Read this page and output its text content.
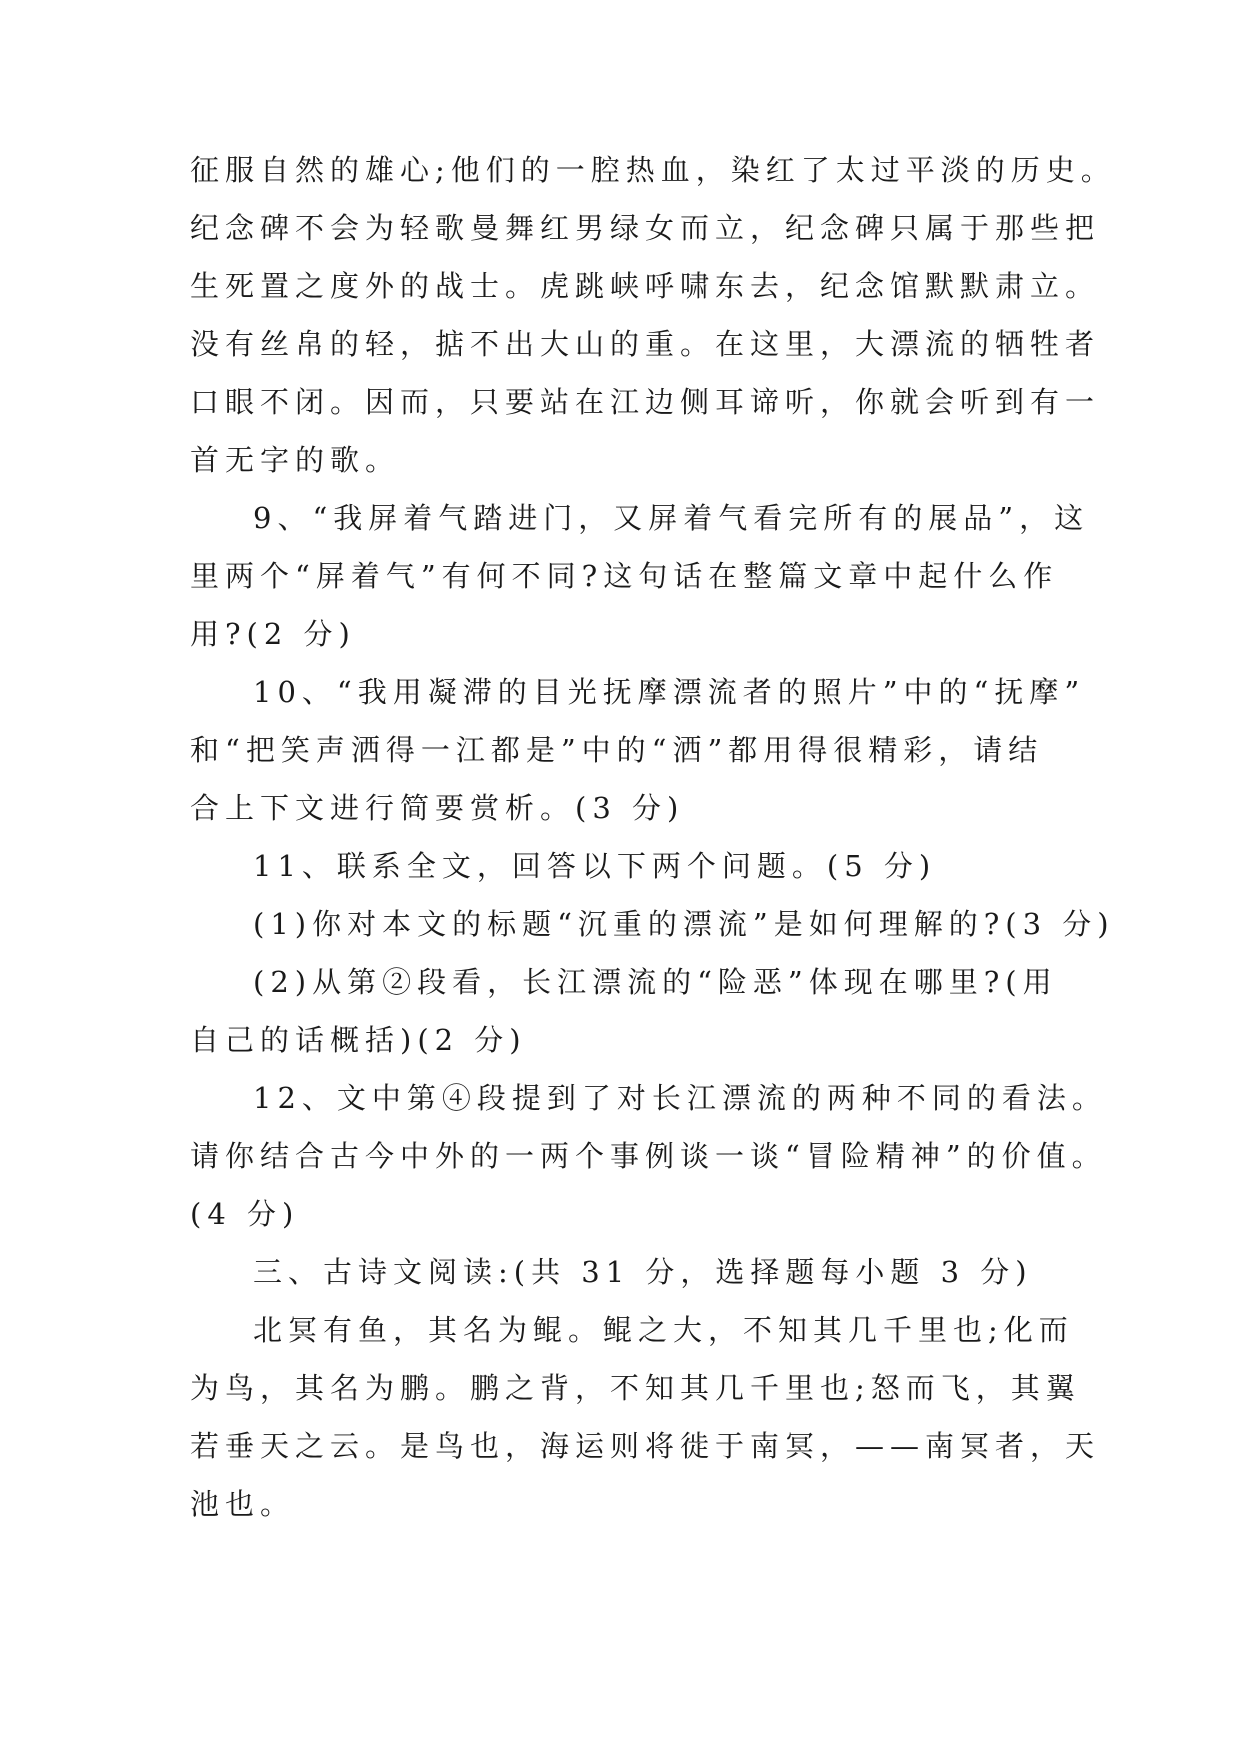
征服自然的雄心;他们的一腔热血，染红了太过平淡的历史。
纪念碑不会为轻歌曼舞红男绿女而立，纪念碑只属于那些把
生死置之度外的战士。虎跳峡呼啸东去，纪念馆默默肃立。
没有丝帛的轻，掂不出大山的重。在这里，大漂流的牺牲者
口眼不闭。因而，只要站在江边侧耳谛听，你就会听到有一
首无字的歌。
9、“我屏着气踏进门，又屏着气看完所有的展品”，这
里两个“屏着气”有何不同?这句话在整篇文章中起什么作
用?(2 分)
10、“我用凝滞的目光抚摩漂流者的照片”中的“抚摩”
和“把笑声洒得一江都是”中的“洒”都用得很精彩，请结
合上下文进行简要赏析。(3 分)
11、联系全文，回答以下两个问题。(5 分)
(1)你对本文的标题“沉重的漂流”是如何理解的?(3 分)
(2)从第②段看，长江漂流的“险恶”体现在哪里?(用
自己的话概括)(2 分)
12、文中第④段提到了对长江漂流的两种不同的看法。
请你结合古今中外的一两个事例谈一谈“冒险精神”的价值。
(4 分)
三、古诗文阅读:(共 31 分，选择题每小题 3 分)
北冥有鱼，其名为鲲。鲲之大，不知其几千里也;化而
为鸟，其名为鹏。鹏之背，不知其几千里也;怒而飞，其翼
若垂天之云。是鸟也，海运则将徙于南冥，——南冥者，天
池也。
